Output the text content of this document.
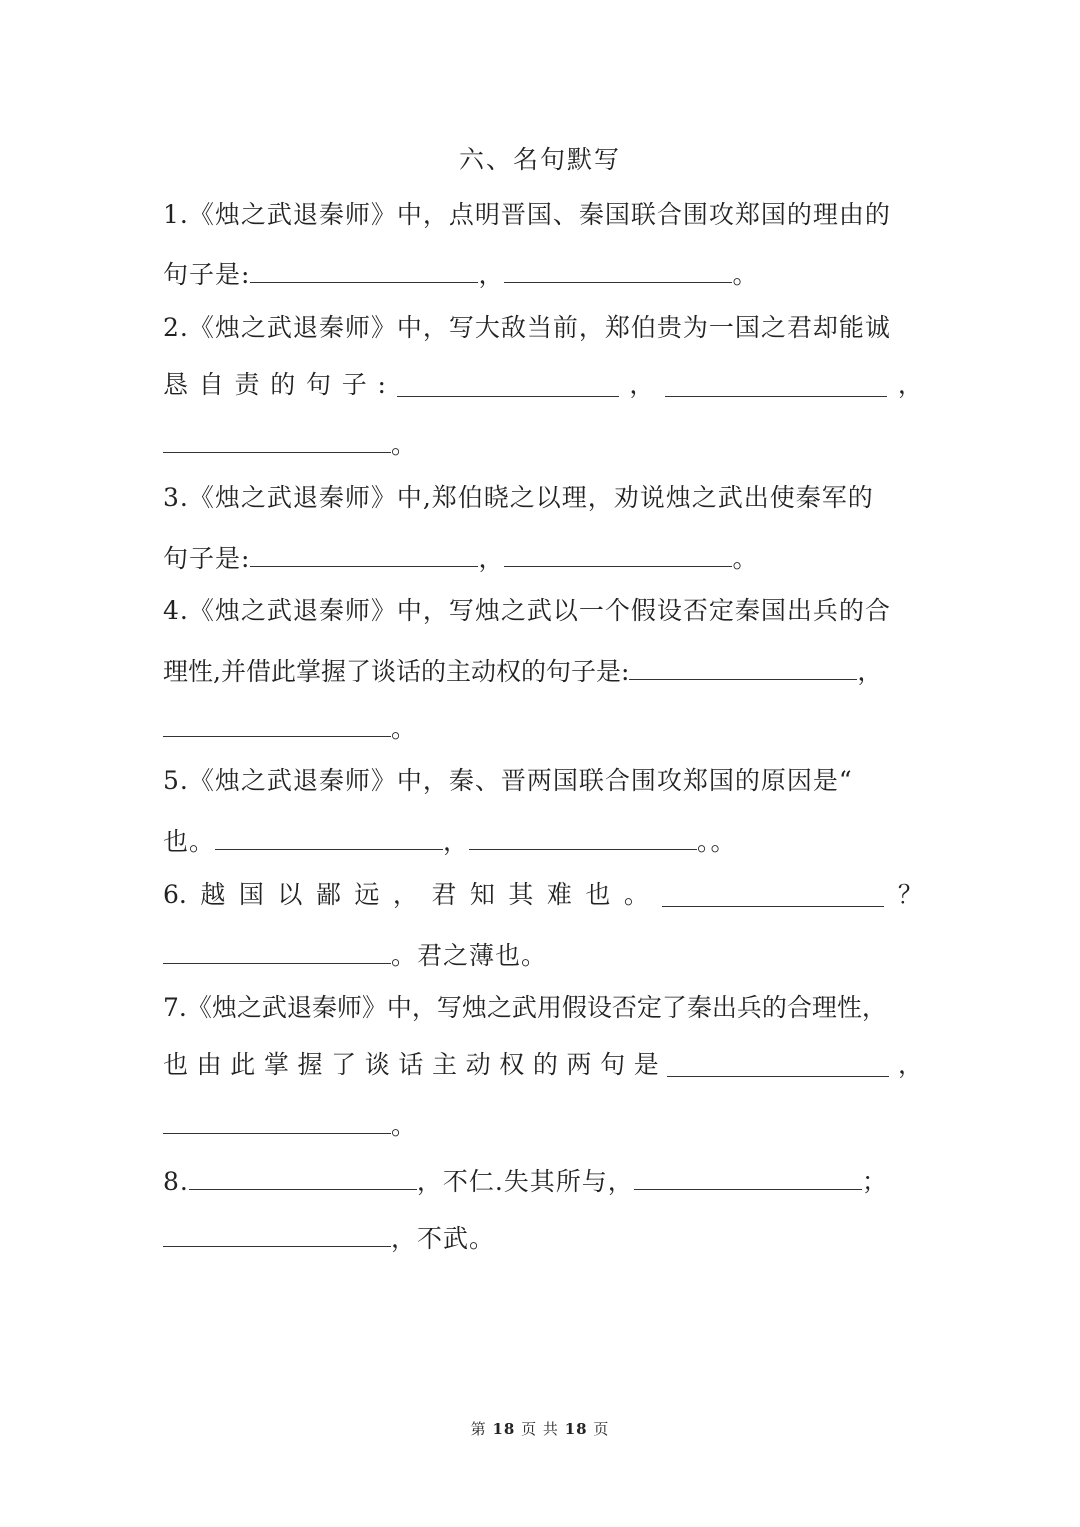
六、名句默写
1.《烛之武退秦师》中，点明晋国、秦国联合围攻郑国的理由的
句子是:	，	。
2.《烛之武退秦师》中，写大敌当前，郑伯贵为一国之君却能诚
恳 自 责 的 句 子 :	，	，
。
3.《烛之武退秦师》中,郑伯晓之以理，劝说烛之武出使秦军的
句子是:	，	。
4.《烛之武退秦师》中，写烛之武以一个假设否定秦国出兵的合
理性,并借此掌握了谈话的主动权的句子是:	，
。
5.《烛之武退秦师》中，秦、晋两国联合围攻郑国的原因是“
也。	，	。。
6. 越 国 以 鄙 远 ， 君 知 其 难 也 。	？
。君之薄也。
7.《烛之武退秦师》中，写烛之武用假设否定了秦出兵的合理性，
也 由 此 掌 握 了 谈 话 主 动 权 的 两 句 是	，
。
8.	，不仁.失其所与，	；
，不武。
第 18 页 共 18 页
